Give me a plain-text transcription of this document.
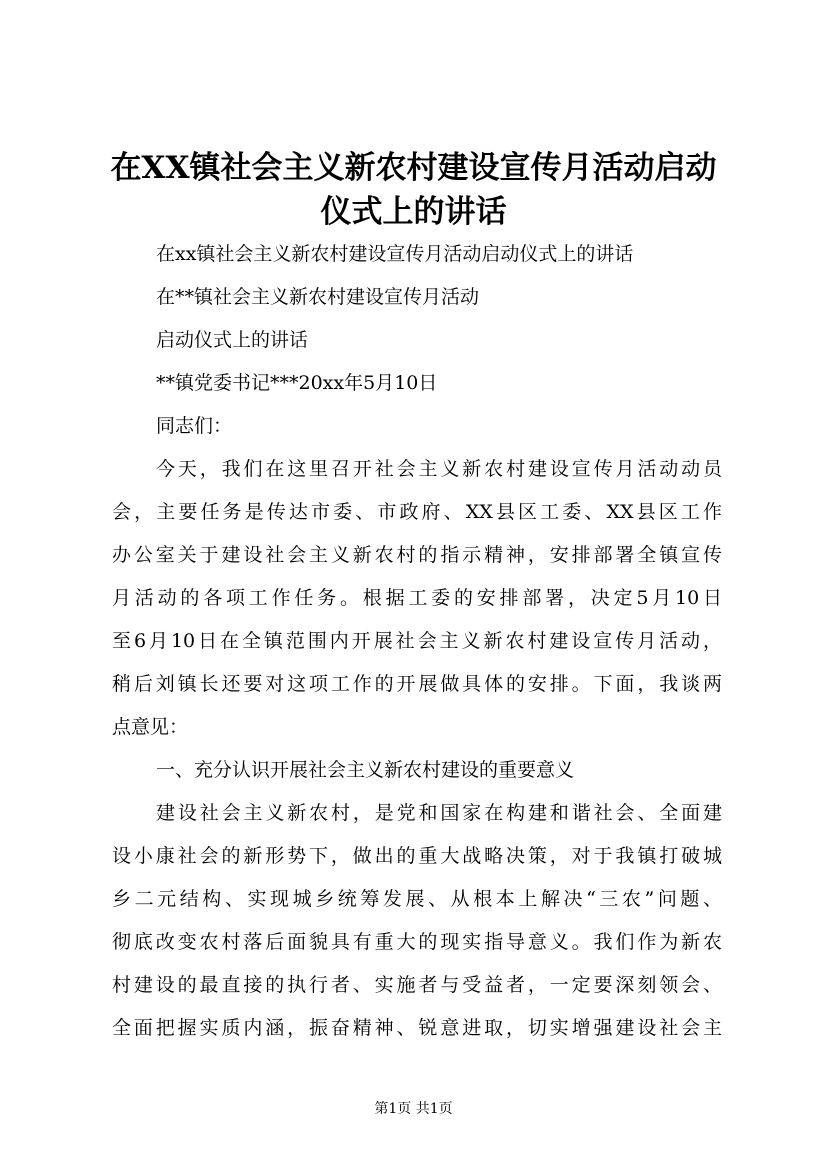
在XX镇社会主义新农村建设宣传月活动启动
仪式上的讲话

在xx镇社会主义新农村建设宣传月活动启动仪式上的讲话

在**镇社会主义新农村建设宣传月活动

启动仪式上的讲话

**镇党委书记***20xx年5月10日

同志们：

今天，我们在这里召开社会主义新农村建设宣传月活动动员

会，主要任务是传达市委、市政府、XX县区工委、XX县区工作

办公室关于建设社会主义新农村的指示精神，安排部署全镇宣传

月活动的各项工作任务。根据工委的安排部署，决定5月10日

至6月10日在全镇范围内开展社会主义新农村建设宣传月活动，

稍后刘镇长还要对这项工作的开展做具体的安排。下面，我谈两

点意见：

一、充分认识开展社会主义新农村建设的重要意义

建设社会主义新农村，是党和国家在构建和谐社会、全面建

设小康社会的新形势下，做出的重大战略决策，对于我镇打破城

乡二元结构、实现城乡统筹发展、从根本上解决“三农”问题、

彻底改变农村落后面貌具有重大的现实指导意义。我们作为新农

村建设的最直接的执行者、实施者与受益者，一定要深刻领会、

全面把握实质内涵，振奋精神、锐意进取，切实增强建设社会主

第1页 共1页
